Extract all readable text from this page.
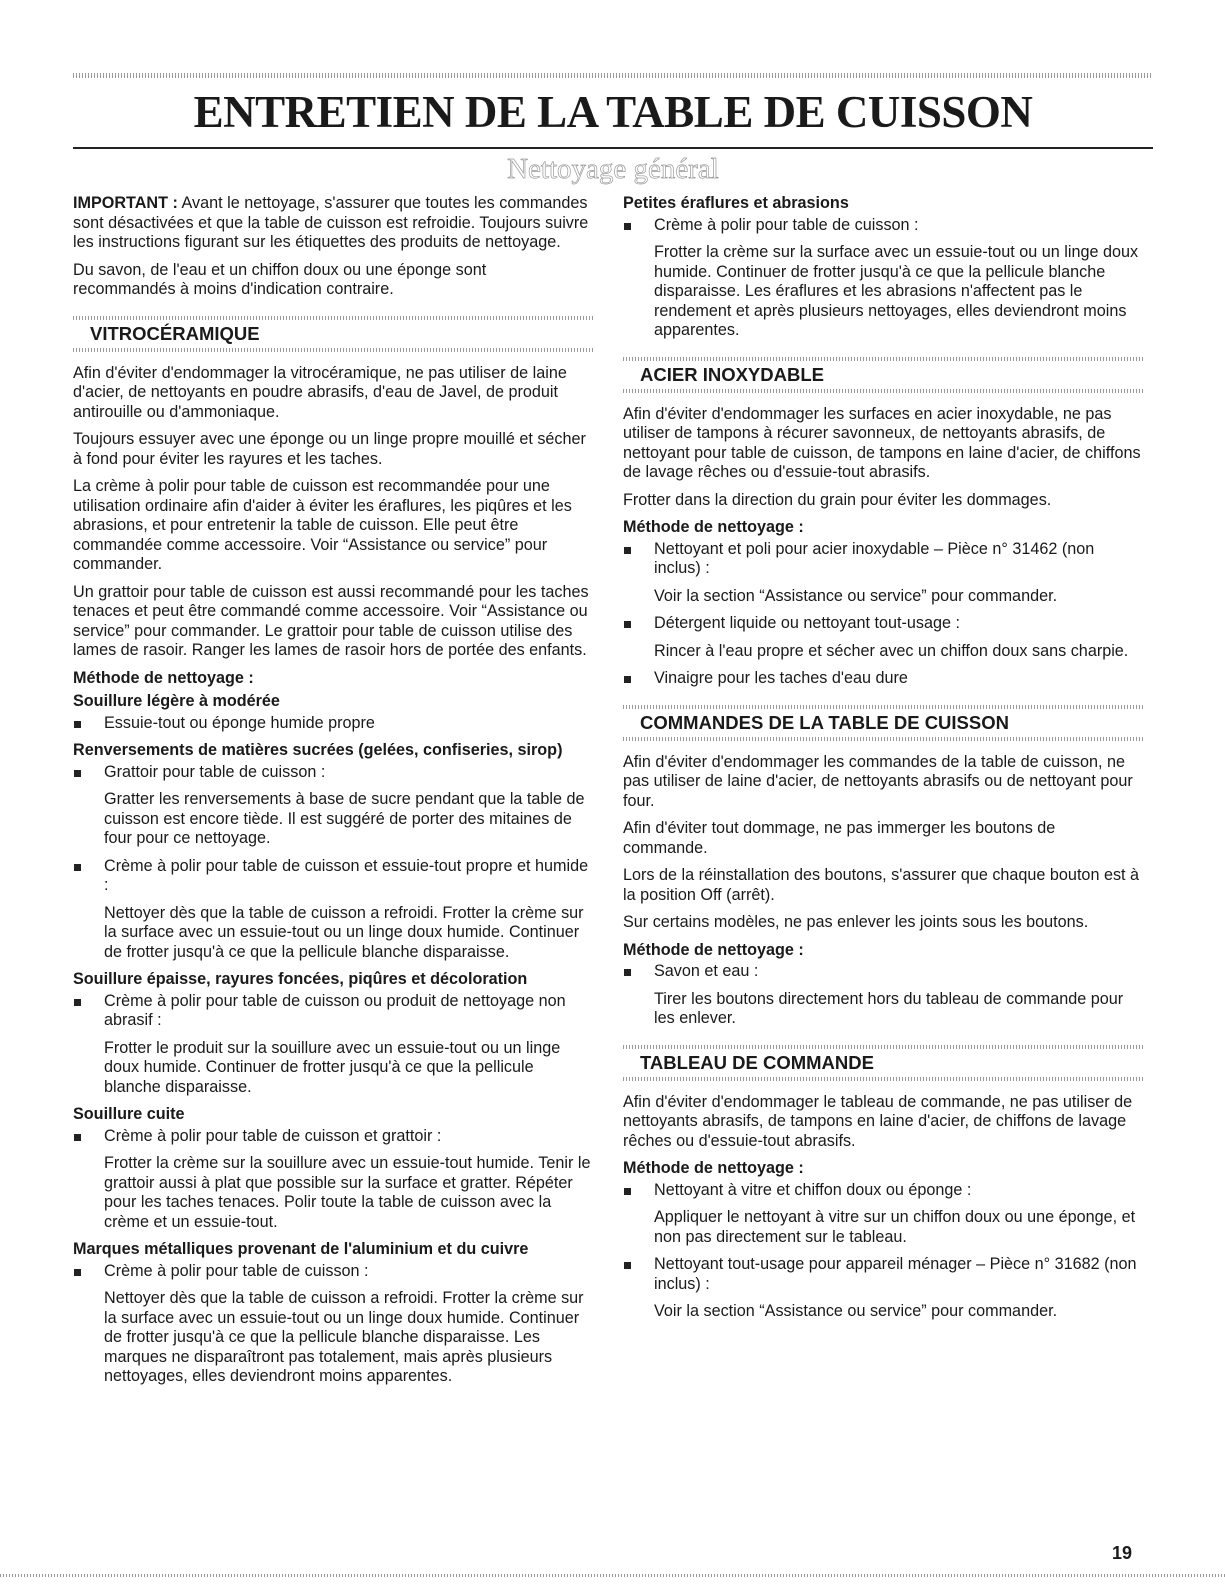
ENTRETIEN DE LA TABLE DE CUISSON
Nettoyage général

IMPORTANT : Avant le nettoyage, s'assurer que toutes les commandes sont désactivées et que la table de cuisson est refroidie. Toujours suivre les instructions figurant sur les étiquettes des produits de nettoyage.

Du savon, de l'eau et un chiffon doux ou une éponge sont recommandés à moins d'indication contraire.

VITROCÉRAMIQUE

Afin d'éviter d'endommager la vitrocéramique, ne pas utiliser de laine d'acier, de nettoyants en poudre abrasifs, d'eau de Javel, de produit antirouille ou d'ammoniaque.

Toujours essuyer avec une éponge ou un linge propre mouillé et sécher à fond pour éviter les rayures et les taches.

La crème à polir pour table de cuisson est recommandée pour une utilisation ordinaire afin d'aider à éviter les éraflures, les piqûres et les abrasions, et pour entretenir la table de cuisson. Elle peut être commandée comme accessoire. Voir “Assistance ou service” pour commander.

Un grattoir pour table de cuisson est aussi recommandé pour les taches tenaces et peut être commandé comme accessoire. Voir “Assistance ou service” pour commander. Le grattoir pour table de cuisson utilise des lames de rasoir. Ranger les lames de rasoir hors de portée des enfants.

Méthode de nettoyage :

Souillure légère à modérée

Essuie-tout ou éponge humide propre

Renversements de matières sucrées (gelées, confiseries, sirop)

Grattoir pour table de cuisson :
Gratter les renversements à base de sucre pendant que la table de cuisson est encore tiède. Il est suggéré de porter des mitaines de four pour ce nettoyage.
Crème à polir pour table de cuisson et essuie-tout propre et humide :
Nettoyer dès que la table de cuisson a refroidi. Frotter la crème sur la surface avec un essuie-tout ou un linge doux humide. Continuer de frotter jusqu'à ce que la pellicule blanche disparaisse.

Souillure épaisse, rayures foncées, piqûres et décoloration

Crème à polir pour table de cuisson ou produit de nettoyage non abrasif :
Frotter le produit sur la souillure avec un essuie-tout ou un linge doux humide. Continuer de frotter jusqu'à ce que la pellicule blanche disparaisse.

Souillure cuite

Crème à polir pour table de cuisson et grattoir :
Frotter la crème sur la souillure avec un essuie-tout humide. Tenir le grattoir aussi à plat que possible sur la surface et gratter. Répéter pour les taches tenaces. Polir toute la table de cuisson avec la crème et un essuie-tout.

Marques métalliques provenant de l'aluminium et du cuivre

Crème à polir pour table de cuisson :
Nettoyer dès que la table de cuisson a refroidi. Frotter la crème sur la surface avec un essuie-tout ou un linge doux humide. Continuer de frotter jusqu'à ce que la pellicule blanche disparaisse. Les marques ne disparaîtront pas totalement, mais après plusieurs nettoyages, elles deviendront moins apparentes.

Petites éraflures et abrasions

Crème à polir pour table de cuisson :
Frotter la crème sur la surface avec un essuie-tout ou un linge doux humide. Continuer de frotter jusqu'à ce que la pellicule blanche disparaisse. Les éraflures et les abrasions n'affectent pas le rendement et après plusieurs nettoyages, elles deviendront moins apparentes.
ACIER INOXYDABLE

Afin d'éviter d'endommager les surfaces en acier inoxydable, ne pas utiliser de tampons à récurer savonneux, de nettoyants abrasifs, de nettoyant pour table de cuisson, de tampons en laine d'acier, de chiffons de lavage rêches ou d'essuie-tout abrasifs.

Frotter dans la direction du grain pour éviter les dommages.

Méthode de nettoyage :

Nettoyant et poli pour acier inoxydable – Pièce n° 31462 (non inclus) :
Voir la section “Assistance ou service” pour commander.
Détergent liquide ou nettoyant tout-usage :
Rincer à l'eau propre et sécher avec un chiffon doux sans charpie.
Vinaigre pour les taches d'eau dure
COMMANDES DE LA TABLE DE CUISSON

Afin d'éviter d'endommager les commandes de la table de cuisson, ne pas utiliser de laine d'acier, de nettoyants abrasifs ou de nettoyant pour four.

Afin d'éviter tout dommage, ne pas immerger les boutons de commande.

Lors de la réinstallation des boutons, s'assurer que chaque bouton est à la position Off (arrêt).

Sur certains modèles, ne pas enlever les joints sous les boutons.

Méthode de nettoyage :

Savon et eau :
Tirer les boutons directement hors du tableau de commande pour les enlever.
TABLEAU DE COMMANDE

Afin d'éviter d'endommager le tableau de commande, ne pas utiliser de nettoyants abrasifs, de tampons en laine d'acier, de chiffons de lavage rêches ou d'essuie-tout abrasifs.

Méthode de nettoyage :

Nettoyant à vitre et chiffon doux ou éponge :
Appliquer le nettoyant à vitre sur un chiffon doux ou une éponge, et non pas directement sur le tableau.
Nettoyant tout-usage pour appareil ménager – Pièce n° 31682 (non inclus) :
Voir la section “Assistance ou service” pour commander.
19
